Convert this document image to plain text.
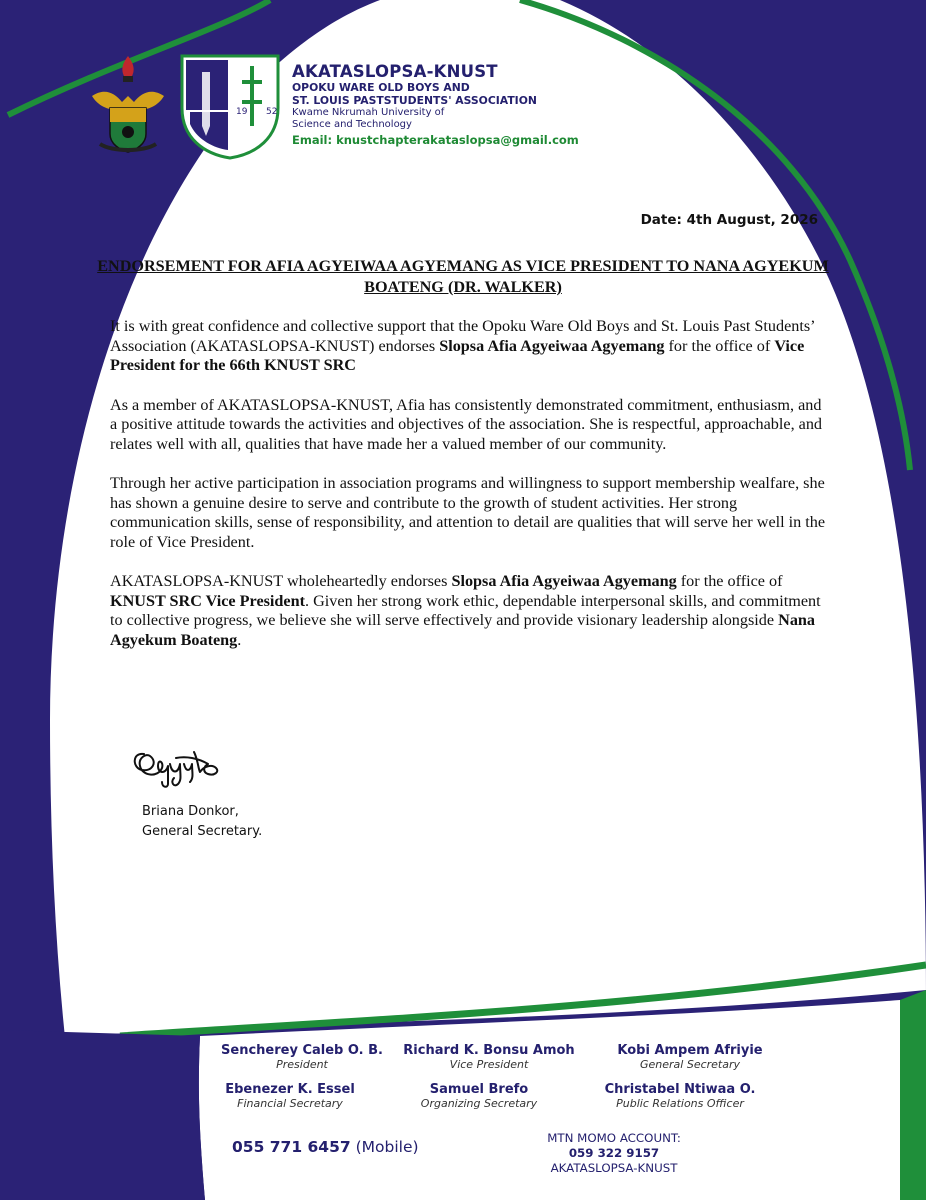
19 52
AKATASLOPSA-KNUST
OPOKU WARE OLD BOYS AND
ST. LOUIS PASTSTUDENTS' ASSOCIATION
Kwame Nkrumah University of
Science and Technology
Email: knustchapterakataslopsa@gmail.com
Date: 4th August, 2026
ENDORSEMENT FOR AFIA AGYEIWAA AGYEMANG AS VICE PRESIDENT TO NANA AGYEKUM BOATENG (DR. WALKER)

It is with great confidence and collective support that the Opoku Ware Old Boys and St. Louis Past Students’ Association (AKATASLOPSA-KNUST) endorses Slopsa Afia Agyeiwaa Agyemang for the office of Vice President for the 66th KNUST SRC

As a member of AKATASLOPSA-KNUST, Afia has consistently demonstrated commitment, enthusiasm, and a positive attitude towards the activities and objectives of the association. She is respectful, approachable, and relates well with all, qualities that have made her a valued member of our community.

Through her active participation in association programs and willingness to support membership wealfare, she has shown a genuine desire to serve and contribute to the growth of student activities. Her strong communication skills, sense of responsibility, and attention to detail are qualities that will serve her well in the role of Vice President.

AKATASLOPSA-KNUST wholeheartedly endorses Slopsa Afia Agyeiwaa Agyemang for the office of KNUST SRC Vice President. Given her strong work ethic, dependable interpersonal skills, and commitment to collective progress, we believe she will serve effectively and provide visionary leadership alongside Nana Agyekum Boateng.

Briana Donkor,
General Secretary.
Sencherey Caleb O. B.
President
Richard K. Bonsu Amoh
Vice President
Kobi Ampem Afriyie
General Secretary
Ebenezer K. Essel
Financial Secretary
Samuel Brefo
Organizing Secretary
Christabel Ntiwaa O.
Public Relations Officer
055 771 6457 (Mobile)	MTN MOMO ACCOUNT:
059 322 9157
AKATASLOPSA-KNUST
